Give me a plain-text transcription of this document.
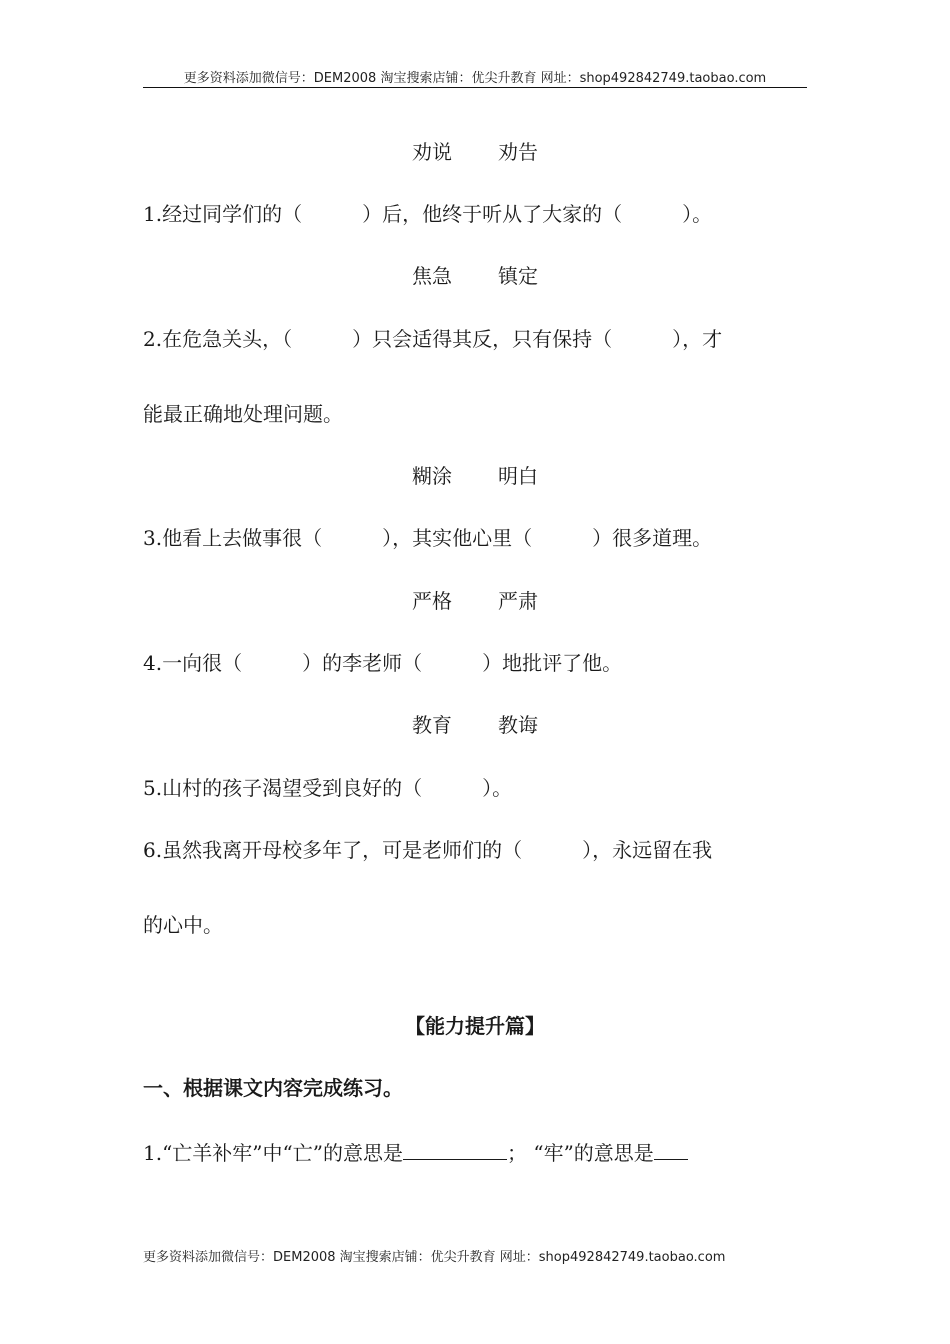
更多资料添加微信号：DEM2008 淘宝搜索店铺：优尖升教育 网址：shop492842749.taobao.com
劝说 劝告
1.经过同学们的（　　　）后，他终于听从了大家的（　　　）。
焦急 镇定
2.在危急关头，（　　　）只会适得其反，只有保持（　　　），才
能最正确地处理问题。
糊涂 明白
3.他看上去做事很（　　　），其实他心里（　　　）很多道理。
严格 严肃
4.一向很（　　　）的李老师（　　　）地批评了他。
教育 教诲
5.山村的孩子渴望受到良好的（　　　）。
6.虽然我离开母校多年了，可是老师们的（　　　），永远留在我
的心中。
【能力提升篇】
一、根据课文内容完成练习。
1.“亡羊补牢”中“亡”的意思是	； “牢”的意思是
更多资料添加微信号：DEM2008 淘宝搜索店铺：优尖升教育 网址：shop492842749.taobao.com
